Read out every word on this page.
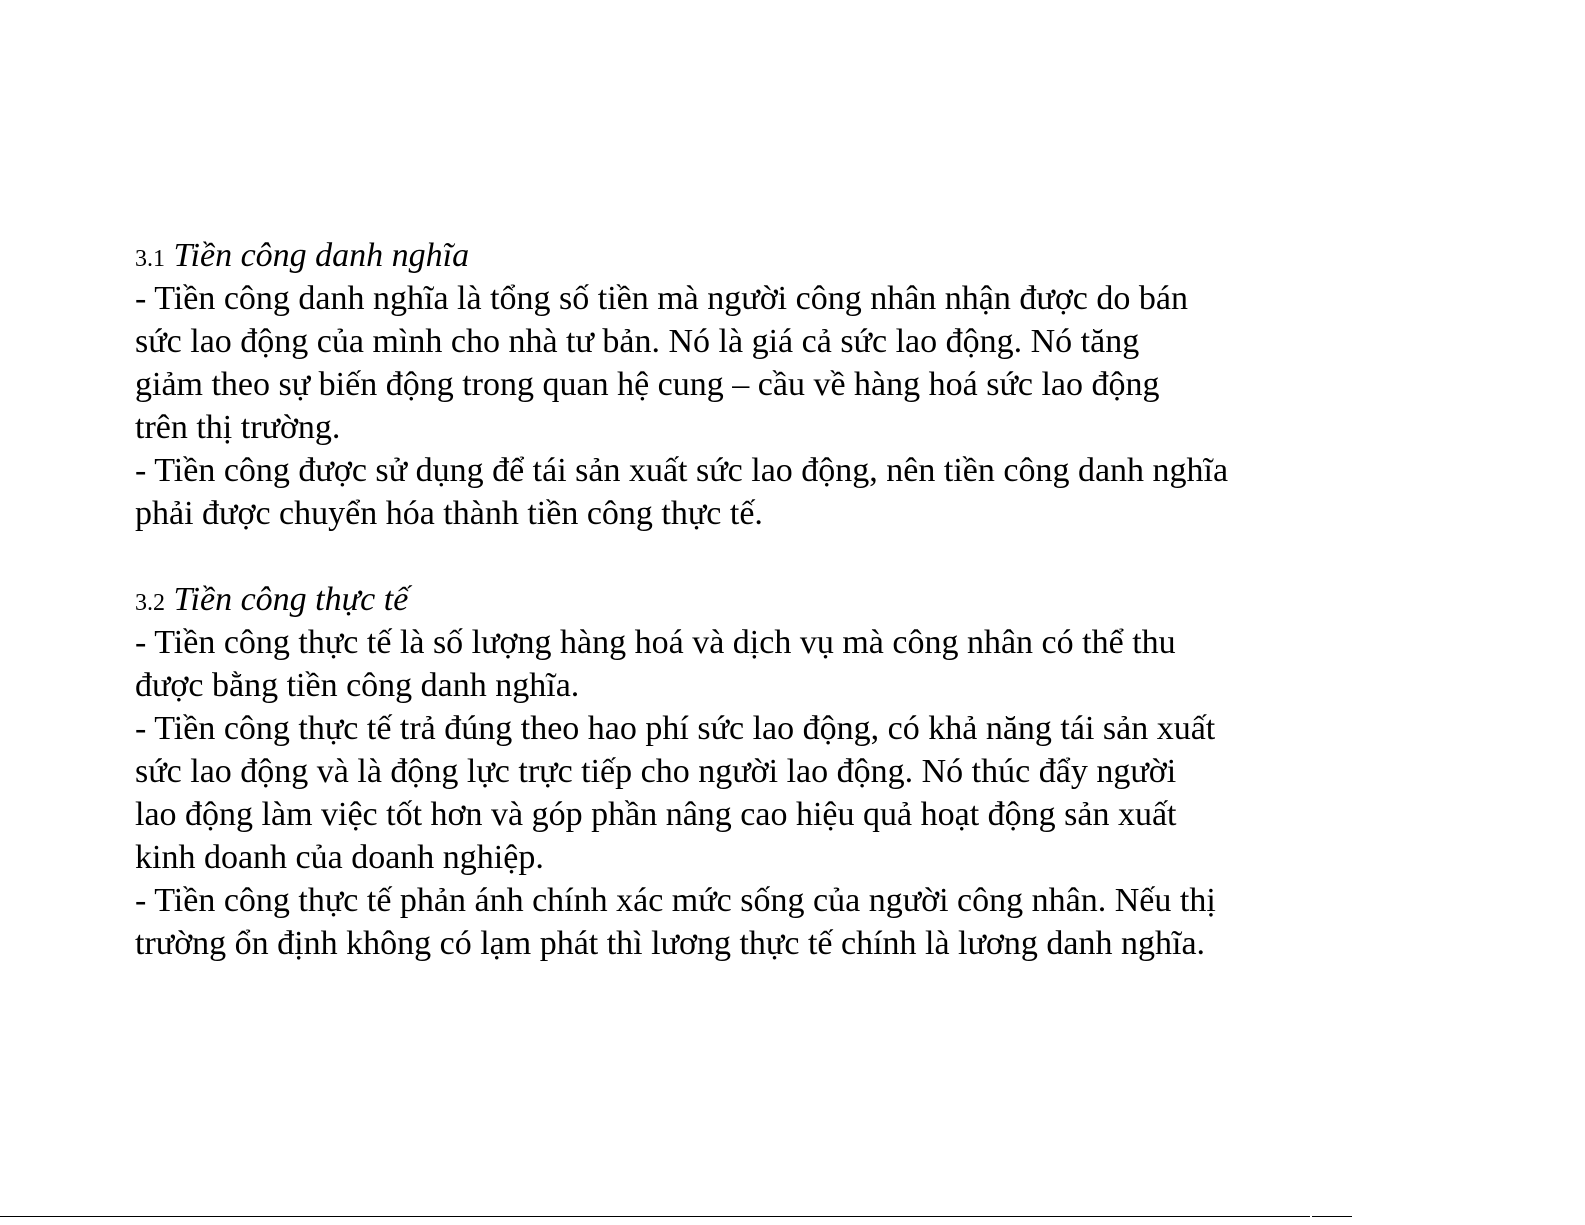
3.1 Tiền công danh nghĩa
- Tiền công danh nghĩa là tổng số tiền mà người công nhân nhận được do bán
sức lao động của mình cho nhà tư bản. Nó là giá cả sức lao động. Nó tăng
giảm theo sự biến động trong quan hệ cung – cầu về hàng hoá sức lao động
trên thị trường.
- Tiền công được sử dụng để tái sản xuất sức lao động, nên tiền công danh nghĩa
phải được chuyển hóa thành tiền công thực tế.
3.2 Tiền công thực tế
- Tiền công thực tế là số lượng hàng hoá và dịch vụ mà công nhân có thể thu
được bằng tiền công danh nghĩa.
- Tiền công thực tế trả đúng theo hao phí sức lao động, có khả năng tái sản xuất
sức lao động và là động lực trực tiếp cho người lao động. Nó thúc đẩy người
lao động làm việc tốt hơn và góp phần nâng cao hiệu quả hoạt động sản xuất
kinh doanh của doanh nghiệp.
- Tiền công thực tế phản ánh chính xác mức sống của người công nhân. Nếu thị
trường ổn định không có lạm phát thì lương thực tế chính là lương danh nghĩa.
